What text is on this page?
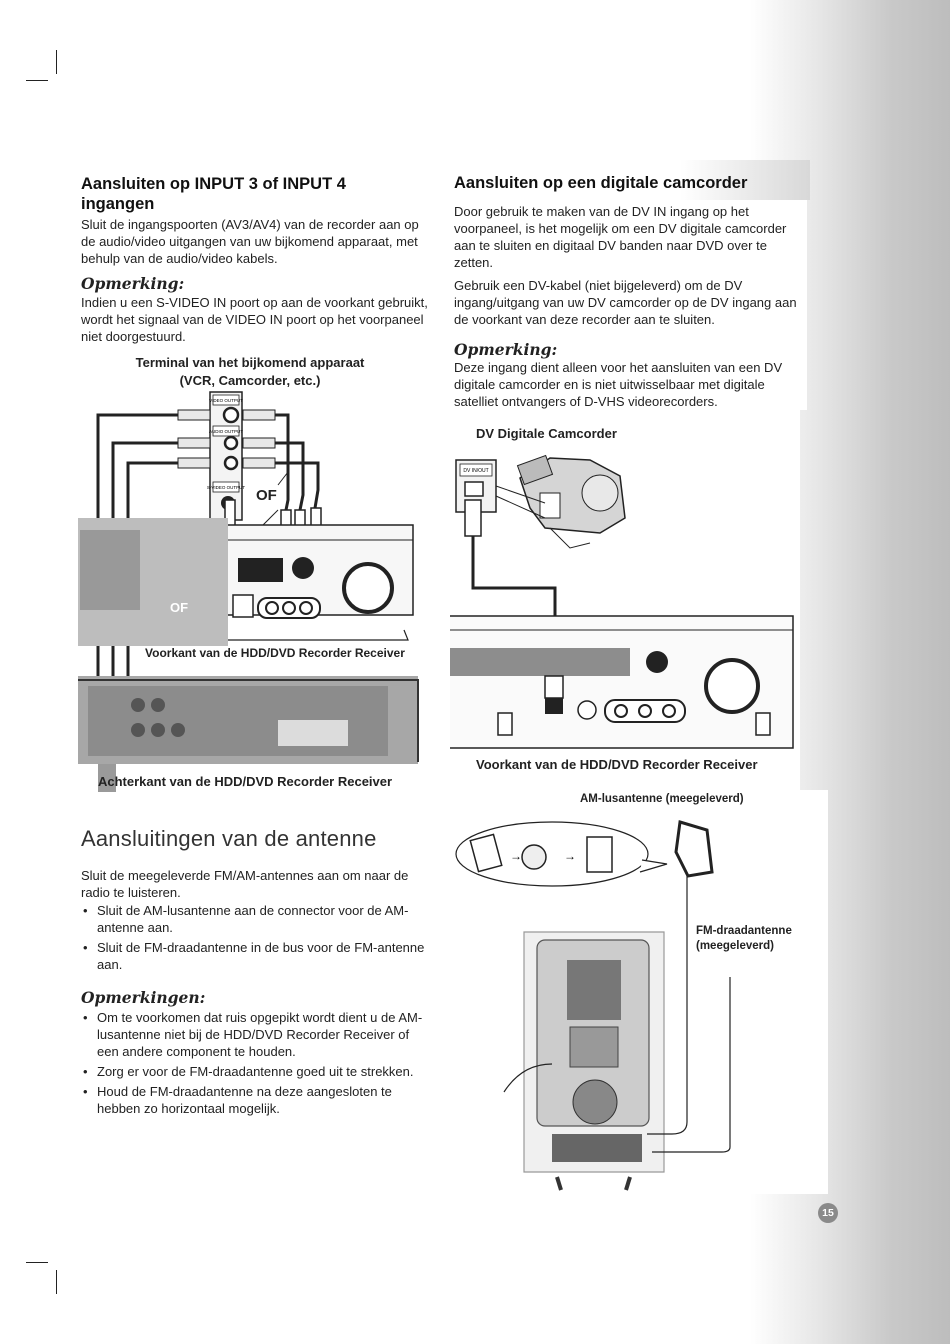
Aansluiten op INPUT 3 of INPUT 4 ingangen
Sluit de ingangspoorten (AV3/AV4) van de recorder aan op de audio/video uitgangen van uw bijkomend apparaat, met behulp van de audio/video kabels.
Opmerking:
Indien u een S-VIDEO IN poort op aan de voorkant gebruikt, wordt het signaal van de VIDEO IN poort op het voorpaneel niet doorgestuurd.
Terminal van het bijkomend apparaat
(VCR, Camcorder, etc.)
VIDEO OUTPUT
AUDIO OUTPUT
S-VIDEO OUTPUT OF
OF
Voorkant van de HDD/DVD Recorder Receiver
Achterkant van de HDD/DVD Recorder Receiver
Aansluitingen van de antenne
Sluit de meegeleverde FM/AM-antennes aan om naar de radio te luisteren.
• Sluit de AM-lusantenne aan de connector voor de AM-antenne aan.
• Sluit de FM-draadantenne in de bus voor de FM-antenne aan.
Opmerkingen:
• Om te voorkomen dat ruis opgepikt wordt dient u de AM-lusantenne niet bij de HDD/DVD Recorder Receiver of een andere component te houden.
• Zorg er voor de FM-draadantenne goed uit te strekken.
• Houd de FM-draadantenne na deze aangesloten te hebben zo horizontaal mogelijk.
Aansluiten op een digitale camcorder
Door gebruik te maken van de DV IN ingang op het voorpaneel, is het mogelijk om een DV digitale camcorder aan te sluiten en digitaal DV banden naar DVD over te zetten.
Gebruik een DV-kabel (niet bijgeleverd) om de DV ingang/uitgang van uw DV camcorder op de DV ingang aan de voorkant van deze recorder aan te sluiten.
Opmerking:
Deze ingang dient alleen voor het aansluiten van een DV digitale camcorder en is niet uitwisselbaar met digitale satelliet ontvangers of D-VHS videorecorders.
DV Digitale Camcorder
DV IN/OUT
Voorkant van de HDD/DVD Recorder Receiver
AM-lusantenne (meegeleverd)
→	→
FM-draadantenne
(meegeleverd)
15
